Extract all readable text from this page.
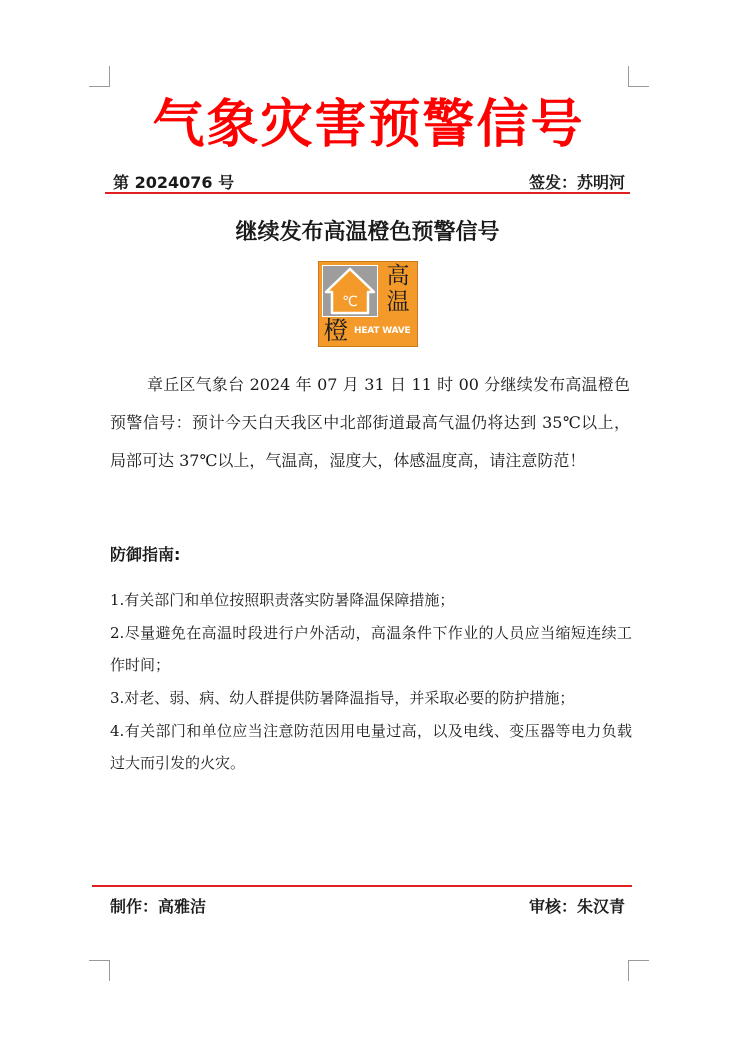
气象灾害预警信号
第 2024076 号	签发：苏明河
继续发布高温橙色预警信号
℃
高
温
橙 HEAT WAVE

章丘区气象台 2024 年 07 月 31 日 11 时 00 分继续发布高温橙色预警信号：预计今天白天我区中北部街道最高气温仍将达到 35℃以上，局部可达 37℃以上，气温高，湿度大，体感温度高，请注意防范！

防御指南:
1.有关部门和单位按照职责落实防暑降温保障措施；
2.尽量避免在高温时段进行户外活动，高温条件下作业的人员应当缩短连续工作时间；
3.对老、弱、病、幼人群提供防暑降温指导，并采取必要的防护措施；
4.有关部门和单位应当注意防范因用电量过高，以及电线、变压器等电力负载过大而引发的火灾。
制作：高雅洁	审核：朱汉青
